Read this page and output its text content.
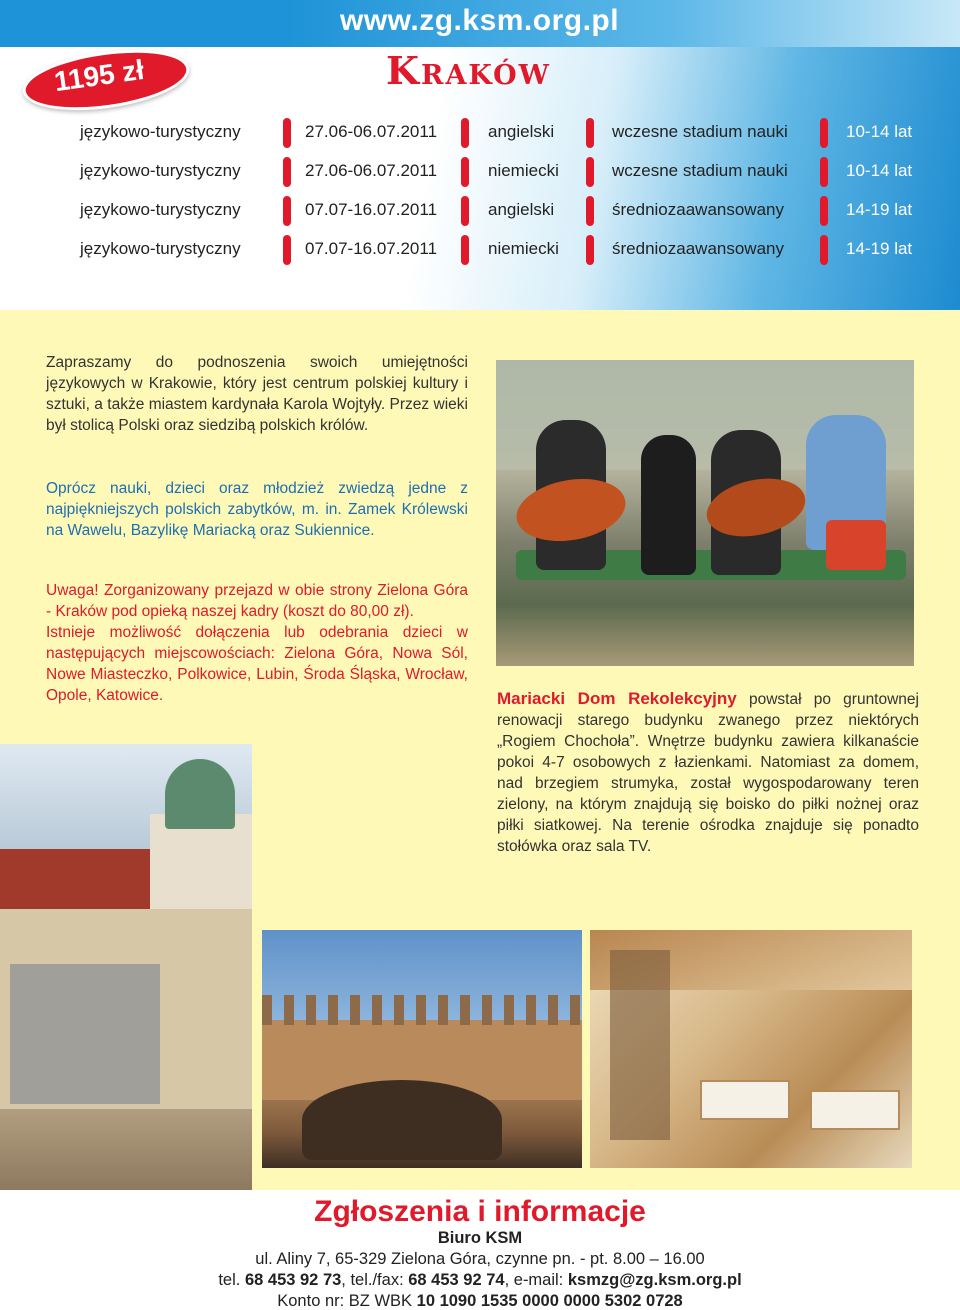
www.zg.ksm.org.pl
1195 zł	Kraków
językowo-turystyczny	27.06-06.07.2011	angielski	wczesne stadium nauki	10-14 lat
językowo-turystyczny	27.06-06.07.2011	niemiecki	wczesne stadium nauki	10-14 lat
językowo-turystyczny	07.07-16.07.2011	angielski	średniozaawansowany	14-19 lat
językowo-turystyczny	07.07-16.07.2011	niemiecki	średniozaawansowany	14-19 lat
Zapraszamy do podnoszenia swoich umiejętności językowych w Krakowie, który jest centrum polskiej kultury i sztuki, a także miastem kardynała Karola Wojtyły. Przez wieki był stolicą Polski oraz siedzibą polskich królów.
Oprócz nauki, dzieci oraz młodzież zwiedzą jedne z najpiękniejszych polskich zabytków, m. in. Zamek Królewski na Wawelu, Bazylikę Mariacką oraz Sukiennice.
Uwaga! Zorganizowany przejazd w obie strony Zielona Góra - Kraków pod opieką naszej kadry (koszt do 80,00 zł).
Istnieje możliwość dołączenia lub odebrania dzieci w następujących miejscowościach: Zielona Góra, Nowa Sól, Nowe Miasteczko, Polkowice, Lubin, Środa Śląska, Wrocław, Opole, Katowice.	Mariacki Dom Rekolekcyjny powstał po gruntownej renowacji starego budynku zwanego przez niektórych „Rogiem Chochoła”. Wnętrze budynku zawiera kilkanaście pokoi 4-7 osobowych z łazienkami. Natomiast za domem, nad brzegiem strumyka, został wygospodarowany teren zielony, na którym znajdują się boisko do piłki nożnej oraz piłki siatkowej. Na terenie ośrodka znajduje się ponadto stołówka oraz sala TV.
Zgłoszenia i informacje
Biuro KSM
ul. Aliny 7, 65-329 Zielona Góra, czynne pn. - pt. 8.00 – 16.00
tel. 68 453 92 73, tel./fax: 68 453 92 74, e-mail: ksmzg@zg.ksm.org.pl
Konto nr: BZ WBK 10 1090 1535 0000 0000 5302 0728
